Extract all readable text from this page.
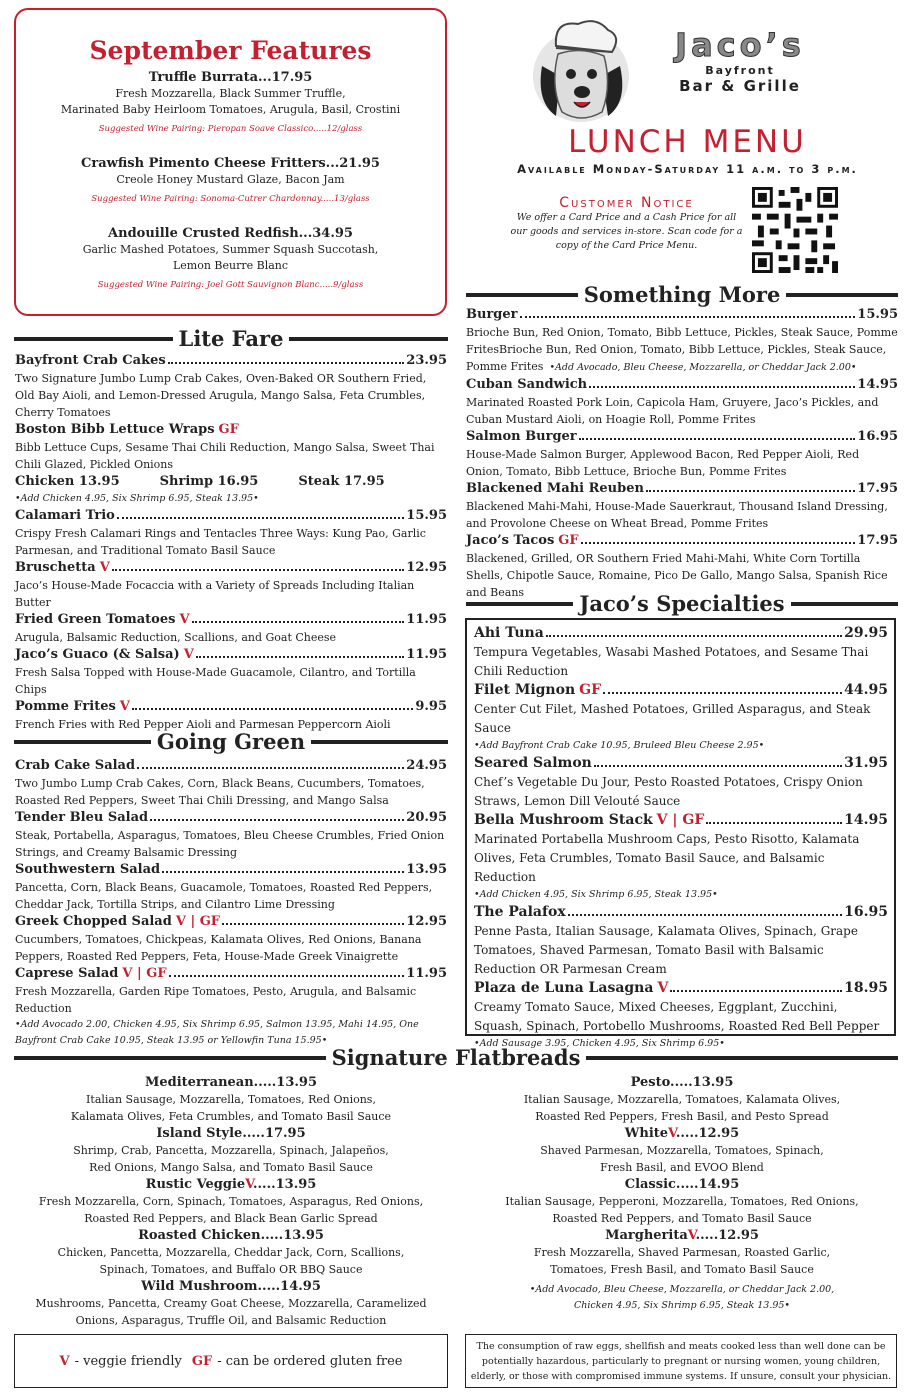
September Features
Truffle Burrata...17.95
Fresh Mozzarella, Black Summer Truffle,
Marinated Baby Heirloom Tomatoes, Arugula, Basil, Crostini
Suggested Wine Pairing: Pieropan Soave Classico.....12/glass
Crawfish Pimento Cheese Fritters...21.95
Creole Honey Mustard Glaze, Bacon Jam
Suggested Wine Pairing: Sonoma-Cutrer Chardonnay.....13/glass
Andouille Crusted Redfish...34.95
Garlic Mashed Potatoes, Summer Squash Succotash,
Lemon Beurre Blanc
Suggested Wine Pairing: Joel Gott Sauvignon Blanc.....9/glass
Jaco’s
Bayfront
Bar & Grille
LUNCH MENU
Available Monday-Saturday 11 a.m. to 3 p.m.
Customer Notice
We offer a Card Price and a Cash Price for all our goods and services in-store. Scan code for a copy of the Card Price Menu.
Lite Fare
Going Green
Something More
Jaco’s Specialties
Signature Flatbreads
Bayfront Crab Cakes	23.95
Two Signature Jumbo Lump Crab Cakes, Oven-Baked OR Southern Fried, Old Bay Aioli, and Lemon-Dressed Arugula, Mango Salsa, Feta Crumbles, Cherry Tomatoes
Boston Bibb Lettuce Wraps GF
Bibb Lettuce Cups, Sesame Thai Chili Reduction, Mango Salsa, Sweet Thai Chili Glazed, Pickled Onions
Chicken 13.95	Shrimp 16.95	Steak 17.95
•Add Chicken 4.95, Six Shrimp 6.95, Steak 13.95•
Calamari Trio	15.95
Crispy Fresh Calamari Rings and Tentacles Three Ways: Kung Pao, Garlic Parmesan, and Traditional Tomato Basil Sauce
Bruschetta V	12.95
Jaco’s House-Made Focaccia with a Variety of Spreads Including Italian Butter
Fried Green Tomatoes V	11.95
Arugula, Balsamic Reduction, Scallions, and Goat Cheese
Jaco’s Guaco (& Salsa) V	11.95
Fresh Salsa Topped with House-Made Guacamole, Cilantro, and Tortilla Chips
Pomme Frites V	9.95
French Fries with Red Pepper Aioli and Parmesan Peppercorn Aioli
Crab Cake Salad	24.95
Two Jumbo Lump Crab Cakes, Corn, Black Beans, Cucumbers, Tomatoes, Roasted Red Peppers, Sweet Thai Chili Dressing, and Mango Salsa
Tender Bleu Salad	20.95
Steak, Portabella, Asparagus, Tomatoes, Bleu Cheese Crumbles, Fried Onion Strings, and Creamy Balsamic Dressing
Southwestern Salad	13.95
Pancetta, Corn, Black Beans, Guacamole, Tomatoes, Roasted Red Peppers, Cheddar Jack, Tortilla Strips, and Cilantro Lime Dressing
Greek Chopped Salad V | GF	12.95
Cucumbers, Tomatoes, Chickpeas, Kalamata Olives, Red Onions, Banana Peppers, Roasted Red Peppers, Feta, House-Made Greek Vinaigrette
Caprese Salad V | GF	11.95
Fresh Mozzarella, Garden Ripe Tomatoes, Pesto, Arugula, and Balsamic Reduction
•Add Avocado 2.00, Chicken 4.95, Six Shrimp 6.95, Salmon 13.95, Mahi 14.95, One Bayfront Crab Cake 10.95, Steak 13.95 or Yellowfin Tuna 15.95•
Burger	15.95
Brioche Bun, Red Onion, Tomato, Bibb Lettuce, Pickles, Steak Sauce, Pomme FritesBrioche Bun, Red Onion, Tomato, Bibb Lettuce, Pickles, Steak Sauce, Pomme Frites •Add Avocado, Bleu Cheese, Mozzarella, or Cheddar Jack 2.00•
Cuban Sandwich	14.95
Marinated Roasted Pork Loin, Capicola Ham, Gruyere, Jaco’s Pickles, and Cuban Mustard Aioli, on Hoagie Roll, Pomme Frites
Salmon Burger	16.95
House-Made Salmon Burger, Applewood Bacon, Red Pepper Aioli, Red Onion, Tomato, Bibb Lettuce, Brioche Bun, Pomme Frites
Blackened Mahi Reuben	17.95
Blackened Mahi-Mahi, House-Made Sauerkraut, Thousand Island Dressing, and Provolone Cheese on Wheat Bread, Pomme Frites
Jaco’s Tacos GF	17.95
Blackened, Grilled, OR Southern Fried Mahi-Mahi, White Corn Tortilla Shells, Chipotle Sauce, Romaine, Pico De Gallo, Mango Salsa, Spanish Rice and Beans
Ahi Tuna	29.95
Tempura Vegetables, Wasabi Mashed Potatoes, and Sesame Thai Chili Reduction
Filet Mignon GF	44.95
Center Cut Filet, Mashed Potatoes, Grilled Asparagus, and Steak Sauce
•Add Bayfront Crab Cake 10.95, Bruleed Bleu Cheese 2.95•
Seared Salmon	31.95
Chef’s Vegetable Du Jour, Pesto Roasted Potatoes, Crispy Onion Straws, Lemon Dill Velouté Sauce
Bella Mushroom Stack V | GF	14.95
Marinated Portabella Mushroom Caps, Pesto Risotto, Kalamata Olives, Feta Crumbles, Tomato Basil Sauce, and Balsamic Reduction
•Add Chicken 4.95, Six Shrimp 6.95, Steak 13.95•
The Palafox	16.95
Penne Pasta, Italian Sausage, Kalamata Olives, Spinach, Grape Tomatoes, Shaved Parmesan, Tomato Basil with Balsamic Reduction OR Parmesan Cream
Plaza de Luna Lasagna V	18.95
Creamy Tomato Sauce, Mixed Cheeses, Eggplant, Zucchini, Squash, Spinach, Portobello Mushrooms, Roasted Red Bell Pepper
•Add Sausage 3.95, Chicken 4.95, Six Shrimp 6.95•
Mediterranean.....13.95
Italian Sausage, Mozzarella, Tomatoes, Red Onions,
Kalamata Olives, Feta Crumbles, and Tomato Basil Sauce
Island Style.....17.95
Shrimp, Crab, Pancetta, Mozzarella, Spinach, Jalapeños,
Red Onions, Mango Salsa, and Tomato Basil Sauce
Rustic VeggieV.....13.95
Fresh Mozzarella, Corn, Spinach, Tomatoes, Asparagus, Red Onions,
Roasted Red Peppers, and Black Bean Garlic Spread
Roasted Chicken.....13.95
Chicken, Pancetta, Mozzarella, Cheddar Jack, Corn, Scallions,
Spinach, Tomatoes, and Buffalo OR BBQ Sauce
Wild Mushroom.....14.95
Mushrooms, Pancetta, Creamy Goat Cheese, Mozzarella, Caramelized
Onions, Asparagus, Truffle Oil, and Balsamic Reduction
Pesto.....13.95
Italian Sausage, Mozzarella, Tomatoes, Kalamata Olives,
Roasted Red Peppers, Fresh Basil, and Pesto Spread
WhiteV.....12.95
Shaved Parmesan, Mozzarella, Tomatoes, Spinach,
Fresh Basil, and EVOO Blend
Classic.....14.95
Italian Sausage, Pepperoni, Mozzarella, Tomatoes, Red Onions,
Roasted Red Peppers, and Tomato Basil Sauce
MargheritaV.....12.95
Fresh Mozzarella, Shaved Parmesan, Roasted Garlic,
Tomatoes, Fresh Basil, and Tomato Basil Sauce
•Add Avocado, Bleu Cheese, Mozzarella, or Cheddar Jack 2.00,
Chicken 4.95, Six Shrimp 6.95, Steak 13.95•
V - veggie friendly GF - can be ordered gluten free
The consumption of raw eggs, shellfish and meats cooked less than well done can be potentially hazardous, particularly to pregnant or nursing women, young children, elderly, or those with compromised immune systems. If unsure, consult your physician.
